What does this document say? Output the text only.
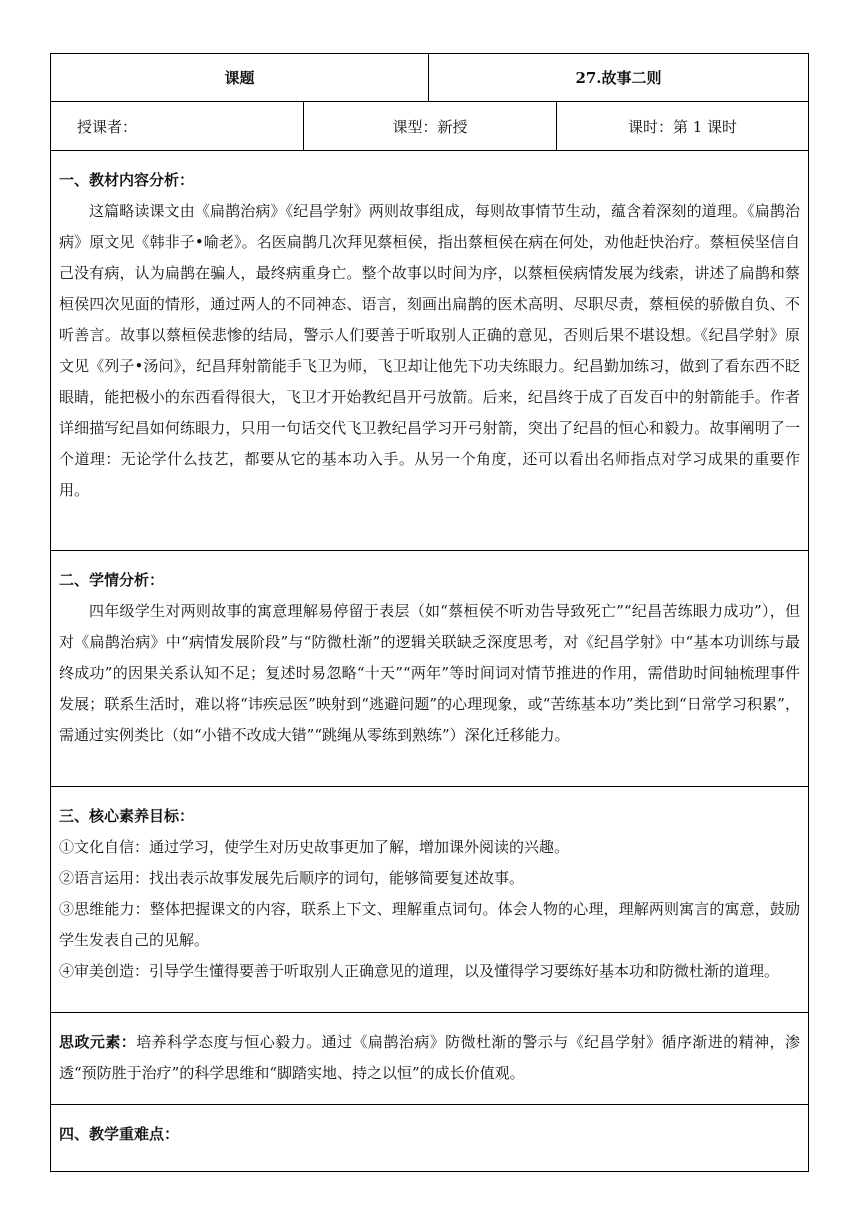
课题	27.故事二则
授课者：	课型：新授	课时：第 1 课时

一、教材内容分析：

这篇略读课文由《扁鹊治病》《纪昌学射》两则故事组成，每则故事情节生动，蕴含着深刻的道理。《扁鹊治病》原文见《韩非子•喻老》。名医扁鹊几次拜见蔡桓侯，指出蔡桓侯在病在何处，劝他赶快治疗。蔡桓侯坚信自己没有病，认为扁鹊在骗人，最终病重身亡。整个故事以时间为序，以蔡桓侯病情发展为线索，讲述了扁鹊和蔡桓侯四次见面的情形，通过两人的不同神态、语言，刻画出扁鹊的医术高明、尽职尽责，蔡桓侯的骄傲自负、不听善言。故事以蔡桓侯悲惨的结局，警示人们要善于听取别人正确的意见，否则后果不堪设想。《纪昌学射》原文见《列子•汤问》，纪昌拜射箭能手飞卫为师，飞卫却让他先下功夫练眼力。纪昌勤加练习，做到了看东西不眨眼睛，能把极小的东西看得很大，飞卫才开始教纪昌开弓放箭。后来，纪昌终于成了百发百中的射箭能手。作者详细描写纪昌如何练眼力，只用一句话交代飞卫教纪昌学习开弓射箭，突出了纪昌的恒心和毅力。故事阐明了一个道理：无论学什么技艺，都要从它的基本功入手。从另一个角度，还可以看出名师指点对学习成果的重要作用。

二、学情分析：

四年级学生对两则故事的寓意理解易停留于表层（如“蔡桓侯不听劝告导致死亡”“纪昌苦练眼力成功”），但对《扁鹊治病》中“病情发展阶段”与“防微杜渐”的逻辑关联缺乏深度思考，对《纪昌学射》中“基本功训练与最终成功”的因果关系认知不足；复述时易忽略“十天”“两年”等时间词对情节推进的作用，需借助时间轴梳理事件发展；联系生活时，难以将“讳疾忌医”映射到“逃避问题”的心理现象，或“苦练基本功”类比到“日常学习积累”，需通过实例类比（如“小错不改成大错”“跳绳从零练到熟练”）深化迁移能力。

三、核心素养目标：

①文化自信：通过学习，使学生对历史故事更加了解，增加课外阅读的兴趣。

②语言运用：找出表示故事发展先后顺序的词句，能够简要复述故事。

③思维能力：整体把握课文的内容，联系上下文、理解重点词句。体会人物的心理，理解两则寓言的寓意，鼓励学生发表自己的见解。

④审美创造：引导学生懂得要善于听取别人正确意见的道理，以及懂得学习要练好基本功和防微杜渐的道理。

思政元素：培养科学态度与恒心毅力。通过《扁鹊治病》防微杜渐的警示与《纪昌学射》循序渐进的精神，渗透“预防胜于治疗”的科学思维和“脚踏实地、持之以恒”的成长价值观。

四、教学重难点：
